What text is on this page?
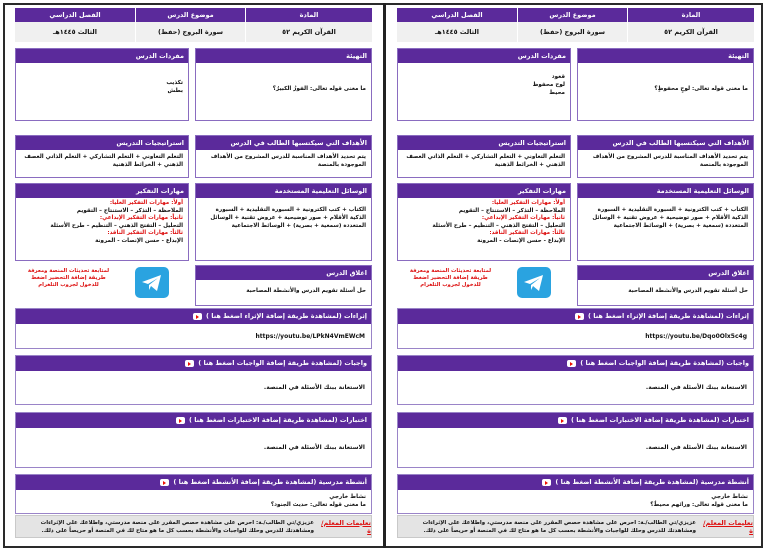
المادة
القرآن الكريم ٥٢
موضوع الدرس
سورة البروج (حفظ)
الفصل الدراسي
الثالث ١٤٤٥هـ
التهيئة
ما معنى قوله تعالى: لوحٍ محفوظٍ؟
مفردات الدرس
قعود
لوح محفوظ
محيط
الأهداف التي سيكتسبها الطالب في الدرس
يتم تحديد الأهداف المناسبة للدرس المشروح من الأهداف الموجودة بالمنصة
استراتيجيات التدريس
التعلم التعاوني + التعلم التشاركي + التعلم الذاتي العصف الذهني + الخرائط الذهنية
الوسائل التعليمية المستخدمة
الكتاب + كتب الكترونية + السبورة التقليدية + السبورة الذكية الأقلام + صور توضيحية + عروض تقنية + الوسائل المتعددة (سمعية + بصرية) + الوسائط الاجتماعية
مهارات التفكير
أولاً: مهارات التفكير العليا:
الملاحظة – التذكر – الاستنتاج – التقويم
ثانياً: مهارات التفكير الإبداعي:
التحليل – التفتح الذهني – التنظيم – طرح الأسئلة
ثالثاً: مهارات التفكير الناقد:
الإبداع - حسن الإنصات - المرونة
لمتابعة تحديثات المنصة ومعرفة طريقة إضافة التحضير اضغط للدخول لجروب التلغرام
اغلاق الدرس
حل أسئلة تقويم الدرس والأنشطة المصاحبة
إثراءات (لمشاهدة طريقة إضافة الإثراء اضغط هنا )
https://youtu.be/Dqo0Olx5c4g
واجبات (لمشاهدة طريقة إضافة الواجبات اضغط هنا )
الاستعانة ببنك الأسئلة في المنصة.
اختبارات (لمشاهدة طريقة إضافة الاختبارات اضغط هنا )
الاستعانة ببنك الأسئلة في المنصة.
أنشطة مدرسية (لمشاهدة طريقة إضافة الأنشطة اضغط هنا )
نشاط خارجي
ما معنى قوله تعالى: ورائهم محيطٌ؟
تعليمات المعلم/ة
عزيزي/تي الطالب/ـة: احرص على مشاهدة حصص المقرر على منصة مدرستي، واطلاعك على الإثراءات ومشاهدتك للدرس وحلك للواجبات والأنشطة بحسب كل ما هو متاح لك في المنصة أو حريصاً على ذلك.
المادة
القرآن الكريم ٥٢
موضوع الدرس
سورة البروج (حفظ)
الفصل الدراسي
الثالث ١٤٤٥هـ
التهيئة
ما معنى قوله تعالى: الفوزُ الكبيرُ؟
مفردات الدرس
تكذيب
بطش
الأهداف التي سيكتسبها الطالب في الدرس
يتم تحديد الأهداف المناسبة للدرس المشروح من الأهداف الموجودة بالمنصة
استراتيجيات التدريس
التعلم التعاوني + التعلم التشاركي + التعلم الذاتي العصف الذهني + الخرائط الذهنية
الوسائل التعليمية المستخدمة
الكتاب + كتب الكترونية + السبورة التقليدية + السبورة الذكية الأقلام + صور توضيحية + عروض تقنية + الوسائل المتعددة (سمعية + بصرية) + الوسائط الاجتماعية
مهارات التفكير
أولاً: مهارات التفكير العليا:
الملاحظة – التذكر – الاستنتاج – التقويم
ثانياً: مهارات التفكير الإبداعي:
التحليل – التفتح الذهني – التنظيم – طرح الأسئلة
ثالثاً: مهارات التفكير الناقد:
الإبداع - حسن الإنصات - المرونة
لمتابعة تحديثات المنصة ومعرفة طريقة إضافة التحضير اضغط للدخول لجروب التلغرام
اغلاق الدرس
حل أسئلة تقويم الدرس والأنشطة المصاحبة
إثراءات (لمشاهدة طريقة إضافة الإثراء اضغط هنا )
https://youtu.be/LPkN4VmEWcM
واجبات (لمشاهدة طريقة إضافة الواجبات اضغط هنا )
الاستعانة ببنك الأسئلة في المنصة.
اختبارات (لمشاهدة طريقة إضافة الاختبارات اضغط هنا )
الاستعانة ببنك الأسئلة في المنصة.
أنشطة مدرسية (لمشاهدة طريقة إضافة الأنشطة اضغط هنا )
نشاط خارجي
ما معنى قوله تعالى: حديث الجنود؟
تعليمات المعلم/ة
عزيزي/تي الطالب/ـة: احرص على مشاهدة حصص المقرر على منصة مدرستي، واطلاعك على الإثراءات ومشاهدتك للدرس وحلك للواجبات والأنشطة بحسب كل ما هو متاح لك في المنصة أو حريصاً على ذلك.
